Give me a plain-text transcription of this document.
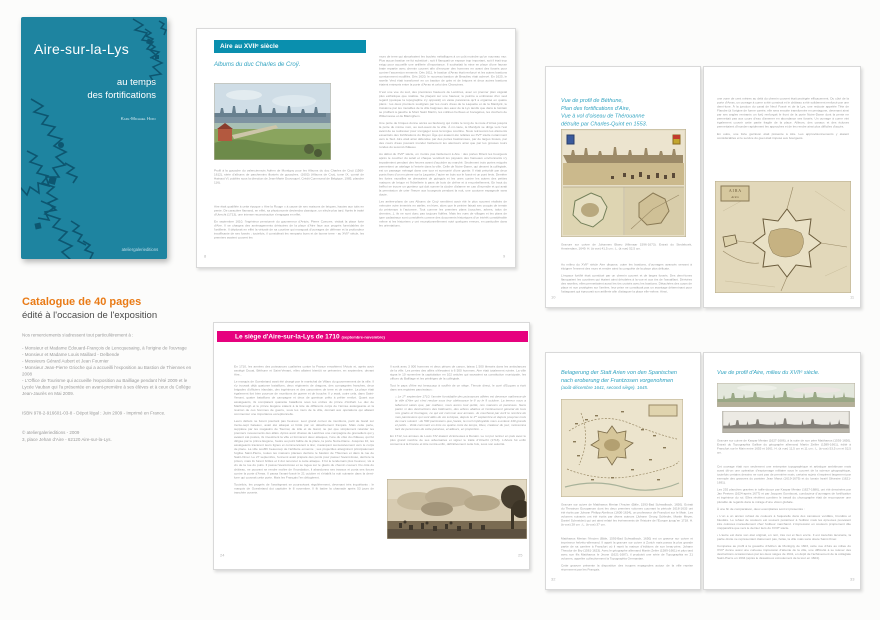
Aire-sur-la-Lys
au temps
des fortifications
Karl-Michael Hoin
ateliergalerieditions
Aire au XVIIᵉ siècle
Albums du duc Charles de Croÿ.

Profil à la gouache du valenciennois Adrien de Montigny pour les Albums du duc Charles de Croÿ (1560-1612), série d'albums de parchemins illustrés de gouaches. (1603) (Albums de Croÿ, tome IX, comté de Hainaut VI, publiés sous la direction de Jean-Marie Duvosquel, Crédit Communal de Belgique, 1985, planche 116).

Aire était qualifiée à cette époque « Aire la Rouge » à cause de ses maisons de briques, hautes aux toits en pente. De caractère flamand, en effet, sa physionomie deviendra classique, un siècle plus tard. Après le traité d'Utrecht (1713), une intense reconstruction s'engagea en effet.

En septembre 1610, l'ingénieur pensionné du gouverneur d'Artois, Pierre Coeuvre, visitait la place forte d'Aire. Il se chargea des aménagements dérisoires de la place d'Aire face aux progrès formidables de l'artillerie. Il déplorait en effet la vétusté de sa courtine qui manquait d'ouvrages de défense et la profondeur insuffisante de ses fossés ; toutefois, il considérait les remparts bons et de bonne terre - au XVIIᵉ siècle, les premiers avaient couvert les

murs de terre qui absorbaient les boulets métalliques à un coût moindre qu'un nouveau mur. Plus aucun bastion ne fut substitué ; soit il flanquait un espace trop important, soit il était trop exigu pour accueillir une artillerie d'importance. Il souhaitait la mise en place d'une fausse braie repartie avec chemin couvert afin d'envoyer des hommes en avant des fossés pour contrer l'ascension ennemie. Dès 1611, le bastion d'Arras était renforcé et les autres bastions constamment modifiés. Dès 1620, le nouveau bastion de Beaulieu était achevé. En 1625, le ravelin Verd était transformé en un bastion de grès et de briques et deux autres bastions étaient entrepris entre la porte d'Arras et celui des Chanoines.

C'est une vue du sud, des premières hauteurs de Lambres, avec un premier plan végétal plus esthétique que réaliste. Se plaçant sur une hauteur, le peintre a embrassé d'un seul regard (quoique la topographie s'y opposât) un vaste panorama qu'il a organisé en quatre plans : les deux premiers soulignés par les cours d'eau de la Laquette et de la Mardyck, le troisième par les murailles de la ville baignées des eaux de la Lys tandis que dans le lointain se profilent à gauche le Mont Saint Martin, les collines herbues et bocagères, les clochers de Witternesse et de Blaringhem.

Une porte de briques donne accès au faubourg qui s'étire le long de la route d'Arras jusqu'à la porte du même nom, au sud-ouest de la ville. À mi-route, le Mardyck se dirige vers l'est avant de se redresser pour s'engager sous la longue courtine. Nous retrouvons les éléments essentiels des fortifications du Moyen Âge qui avaient été refaites au XVIᵉ siècle notamment vers le Sud. Aire était ainsi défendue par des portes bastionnées, par de larges fossés, par des cours d'eau pouvant inonder facilement les alentours ainsi que par les grosses tours rondes du second château.

Au début du XVIIᵉ siècle, on n'entre pas facilement à Aire : des portes filtrent les bourgeois après le coucher du soleil et chaque vendredi les paysans des hameaux environnants s'y impatientent pendant des heures avant d'accéder au marché. Seulement trois portes exiguës permettent un attelage à l'entrée dans la ville. Celle de Notre-Dame, qui dessert la collégiale, est un passage ménagé dans une tour et surmonté d'une guette. Il était précédé par deux ponts fixes d'un en pierre sur la Laquette, l'autre en bois sur le fossé et un pont levis. Derrière les fortes murailles se dressaient de guingois et les unes contre les autres des petites maisons de brique et l'hôtellerie à pans de bois de chêne et à encorbellement. En haut du beffroi se trouve un guetteur qui doit sonner la cloche d'alarme en cas d'incendie et qui avait la permission de crier l'heure aux bourgeois pendant la nuit, une coutume espagnole sans doute.

Les arrière-plans de ces Albums de Croÿ semblent avoir été le plus souvent réalisés de mémoire voire inventés en atelier, en hiver, alors que le peintre faisait ses croquis de terrain du printemps à l'automne. Tout comme les premiers plans (souches, arbres, talus de chemins...), ils ne sont donc pas toujours fidèles. Mais les vues de villages et les plans de type cadastraux sont considérés comme des documents historiques d'un intérêt considérable même si les historiens y ont exceptionnellement noté quelques erreurs, en particulier dans les orientations.

8	9
Vue de profil de Béthune,
Plan des fortifications d'Aire,
Vue à vol d'oiseau de Thérouanne
détruite par Charles-Quint en 1553.

Gravure sur cuivre de Johannes Blaeu (Alkmaar 1596-1673). Extrait du Stedeboek, Amsterdam, 1649. H. (à vue) 41,5 cm ; L. (à vue) 52,5 cm.

Au milieu du XVIIᵉ siècle Aire dispose, outre les bastions, d'ouvrages avancés servant à éloigner l'ennemi des murs et rendre ainsi la conquête de la place plus délicate.

L'espace fortifié était constitué par un chemin couvert et de larges fossés. Des demi-lunes flanquaient les courtines qui étaient ainsi dérobées à la vue et aux tirs de l'assaillant. Dérivées des ravelins, elles permettaient aussi les tirs croisés avec les bastions. Détachées des corps de place et non protégées sur l'arrière, leur prise ne constituait pas un avantage déterminant pour l'attaquant qui éprouvait son artillerie afin d'attaquer la place elle-même. Ainsi,

10

une zone de cent mètres au delà du chemin couvert était protégée efficacement. Du côté de la porte d'Arras, un ouvrage à corne a été construit et le château a été solidement renforcé par une demi-lune. À la jonction du canal de Neuf Fossé et de la Lys, une redoute appelée Tête de Flandre (à l'origine de forme carrée, elle sera ensuite transformée en pentagone, devenant ainsi par ses angles rentrants un fort) renforçait le front de la porte Notre-Dame dont la pente ne permettait pas aux cours d'eau d'amener en abondance ses fossés. Un ouvrage à corne vint également couvrir cette partie fragile de la place. Ailleurs, des canaux et des écluses permettaient d'inonder rapidement les approches et de les rendre ainsi plus difficiles d'accès.

En outre, une forte garnison était présente à Aire. Les approvisionnements y étaient considérables et le service du guet était imposé aux bourgeois.

A I R A
Arien
11

Catalogue de 40 pages

édité à l'occasion de l'exposition

Nos remerciements s'adressent tout particulièrement à :

- Monsieur et Madame Edouard-François de Lencquesaing, à l'origine de l'ouvrage

- Monsieur et Madame Louis Maillard - Delbende

- Messieurs Gérard Aubert et Jean Fournier

- Monsieur Jean-Pierre Grioche qui a accueilli l'exposition au Bastion de Thiennes en 2008

- L'Office de Tourisme qui accueille l'exposition au Bailliage pendant l'été 2009 et le Lycée Vauban qui l'a présentée en avant-première à ses élèves et à ceux du Collège Jean-Jaurès en Mai 2009.

ISBN 978-2-916601-03-8 - Dépot légal : Juin 2009 - Imprimé en France.

© ateliergalerieditions - 2009

3, place Jehan d'Aire - 62120 Aire-sur-la-Lys.

Le siège d'Aire-sur-la-Lys de 1710 (septembre-novembre)

En 1710, les armées des puissances coalisées contre la France envahirent l'Artois et, après avoir assiégé Douai, Béthune et Saint-Venant, elles allaient bientôt se présenter, en septembre, devant Aire...

Le marquis de Goesbriand avait été chargé par le maréchal de Villars du gouvernement de la ville. Il s'y trouvait déjà quatorze bataillons, deux régiments de dragons, des compagnies franches, deux brigades d'officiers irlandais, des ingénieurs et des canonniers de terre et de marine. La place était également fort bien pourvue de munitions de guerre et de bouche. Il y avait, outre cela, dans Saint-Venant, quatre bataillons de campagne et deux de garnison prêts à prêter renfort. Quant aux assiégeants, ils comptaient quarante bataillons sous les ordres du prince d'Anhalt. Le duc de Marlborough et le prince Eugène étaient à la tête de différents corps de l'armée assiégeante et la réunion de ces hommes de guerre, sous les murs de la ville, donnait aux opérations qui allaient commencer une importance exceptionnelle.

Leurs débuts ne furent pourtant pas heureux. Leur grand convoi de munitions, parti de Gand sur trente-sept bateaux, avait été attaqué et brûlé par un détachement français. Mais cette perte, suppléée par les magasins de Tournai, de Lille et de Gand, ne put que simplement retarder les premiers mouvements des alliés. Après avoir chassé de Lambres une compagnie de grenadiers qui y avaient été postés, ils investirent la ville et formèrent deux attaques, l'une du côté du château, qui fut dirigée par le prince Eugène, l'autre au point faible de la place, la porte Notre-Dame. Jusqu'au 10, les assiégeants tracèrent leurs lignes et commencèrent à tirer, s'avançant successivement vers le corps de place. La ville souffrit beaucoup de l'artillerie ennemie ; ses projectiles atteignirent principalement l'église Saint-Pierre, toutes les maisons placées derrière le bastion de Thiennes et dans la rue de Saint-Omer. Le 27 septembre, l'ennemi avait préparé des ponts pour passer l'avant-fossé, derrière la prison, mais ils furent brûlés et il dut renoncer à cette attaque. Il fut le lendemain plus heureux, vis à vis de la rue du puits. Il passa l'avant-fossé et se logea sur le glacis du chemin couvert. Du côté du château, ne pouvant se rendre maître de l'inondation, il abandonna ses travaux et porta ses forces contre la porte d'Arras. Il passa l'avant-fossé le 21 octobre et s'établit la nuit suivante dans la demi-lune qui couvrait cette porte. Mais les Français l'en délogèrent.

Toutefois, les progrès de l'assiégeant se poursuivant régulièrement, devenant très inquiétants : le marquis de Goesbriand dut capituler le 8 novembre. Il fit battre la chamade après 53 jours de tranchée ouverte.

Il sortit avec 3 000 hommes et deux pièces de canon, laissa 1 500 blessés dans les ambulances de la ville. Les pertes des alliés s'élevaient à 6 500 hommes. Aire était totalement ruinée. La ville signa le 10 novembre la capitulation en 102 articles qui sauvaient sa constitution municipale, les offices du Bailliage et les privilèges de la collégiale.

Tout le pays d'Aire eut beaucoup à souffrir de ce siège. Témoin direct, le curé d'Ecques a écrit dans ses registres paroissiaux :

« Le 1ᵉʳ septembre 1710, l'armée formidable des puissances alliées est devenue maîtresse de la ville d'Aire qui s'est rendue sous leur obéissance le 8 ou le 9 octobre. La terreur nous a tellement saisis que, par malheur, nous avons tout quitté, nos maisons et paroisses. Sans parler ni des destructions des bâtiments, des arbres abattus et l'enlèvement général de tous nos grains et fourrages, ce qui est commun aux armées. Je coucherai par écrit le nombre de mes paroissiens qui sont allés de vie à trépas, depuis le 1ᵉʳ septembre et depuis jusqu'au mois de mars suivant : de 500 paroissiens que j'avais, la mort impitoyable nous a enlevé 140 grands et petits... Voilà comment en trois ou quatre mois de temps, Dieu, créateur du jour, moissonna tant de personnes de cette paroisse, et ailleurs, en proportion. »

En 1712, les armées de Louis XIV étaient victorieuses à Denain. Le roi put rentrer en paix avec le plus grand nombre de ses adversaires et signer le traité d'Utrecht (1713). L'Artois fut enfin conservé à la France et Aire rentra enfin, définitivement cette fois, sous son autorité.

24	25
Belagerung der Statt Arien von den Spanischen
nach eroberung der Frantzosen vorgenohmen
(août-décembre 1641, second siège). 1645.

Gravure sur cuivre de Matthaeus Merian l'Ancien (Bâle, 1593-Bad Schwalbach, 1650). Extrait du Theatrum Europaeum dont les deux premiers volumes couvrant la période 1618-1633 ont été écrits par Johann Philipp Abelinus (1600-1634), un professeur de Francfort sur le Main. Les volumes suivants ont été écrits par divers auteurs (Johann Georg Schleder, Martin Meyer, Daniel Schneider) qui ont ainsi relaté les événements de l'histoire de l'Europe jusqu'en 1718. H. (à vue) 28 cm ; L. (à vue) 37 cm.

Matthaeus Merian l'Ancien (Bâle, 1593-Bad Schwalbach, 1650) est un graveur sur cuivre et imprimeur helvéto-allemand. Il apprit la gravure sur cuivre à Zurich mais passa la plus grande partie de sa carrière à Francfort où il reprit la maison d'éditions de son beau-père, Johann Theodor de Bry (1561-1623). Avec le géographe allemand Martin Zeiler (1589-1661) et plus tard avec son fils Matthaeus le Jeune (1621-1687), il produisit une série de Topographia en 21 volumes, appelée collectivement la Topographia Germaniae.

Cette gravure présente la disposition des troupes espagnoles autour de la ville reprise récemment par les Français.

32
Vue de profil d'Aire, milieu du XVIIᵉ siècle.

Gravure sur cuivre de Kaspar Merian (1627-1686), à la suite de son père Matthaeus (1593-1650). Extrait du Topographia Galliae du géographe allemand Martin Zeiller (1589-1661), édité à Francfort sur le Main entre 1655 et 1661. H. (à vue) 11,5 cm et 11 cm ; L. (à vue) 53,5 cm et 52,5 cm.

Cet ouvrage était non seulement une entreprise topographique et artistique ambitieuse mais aussi dit-on une opération d'espionnage militaire sous le couvert de la science géographique, toutefois certains dessins ne sont pas de première main, certains sujets s'inspirent largement par exemple des gravures du parisien Jean Marot (1619-1679) et du lorrain Israël Silvestre (1621-1691).

Les 292 planches gravées in taille-douce par Kaspar Merian (1627-1686), ont été dessinées par Jan Peeters (1624-après 1677) et par Jacques Gomboust, conducteur d'ouvrages de fortification et ingénieur du roi. Elles révèlent combien le travail du chorographe était de recomposer une pluralité de regards dans le mirage d'une vision globale.

À une fin de comparaison, deux exemplaires sont ici présentés :

• L'un a un ancien rehaut de couleurs à l'aquarelle dans des camaïeux verdâtre, brunâtre et bleuâtre. Le rehaut de couleurs est souvent postérieur à l'édition mais les épreuves pouvaient être colorées manuellement chez l'éditeur marchand. L'impression en couleurs proprement dite n'apparaîtra que vers le dernier tiers du XVIIIᵉ siècle.

• L'autre est dans son état original, en noir, très net et bien encré. Il est toutefois lacunaire, la partie droite ne représentant clairement pas, hélas, la ville mais sans doute Saint-Omer.

Comparée au profil à la gouache d'Adrien de Montigny de 1603, cette vue d'Aire au milieu du XVIIᵉ donne aussi une curieuse impression d'attente de la ville, une difficulté à se relever des destructions occasionnées par les deux sièges de 1641, en dépit de l'achèvement de la collégiale Saint-Pierre en 1634 (après le désastreux écroulement de la tour en 1604).

33
